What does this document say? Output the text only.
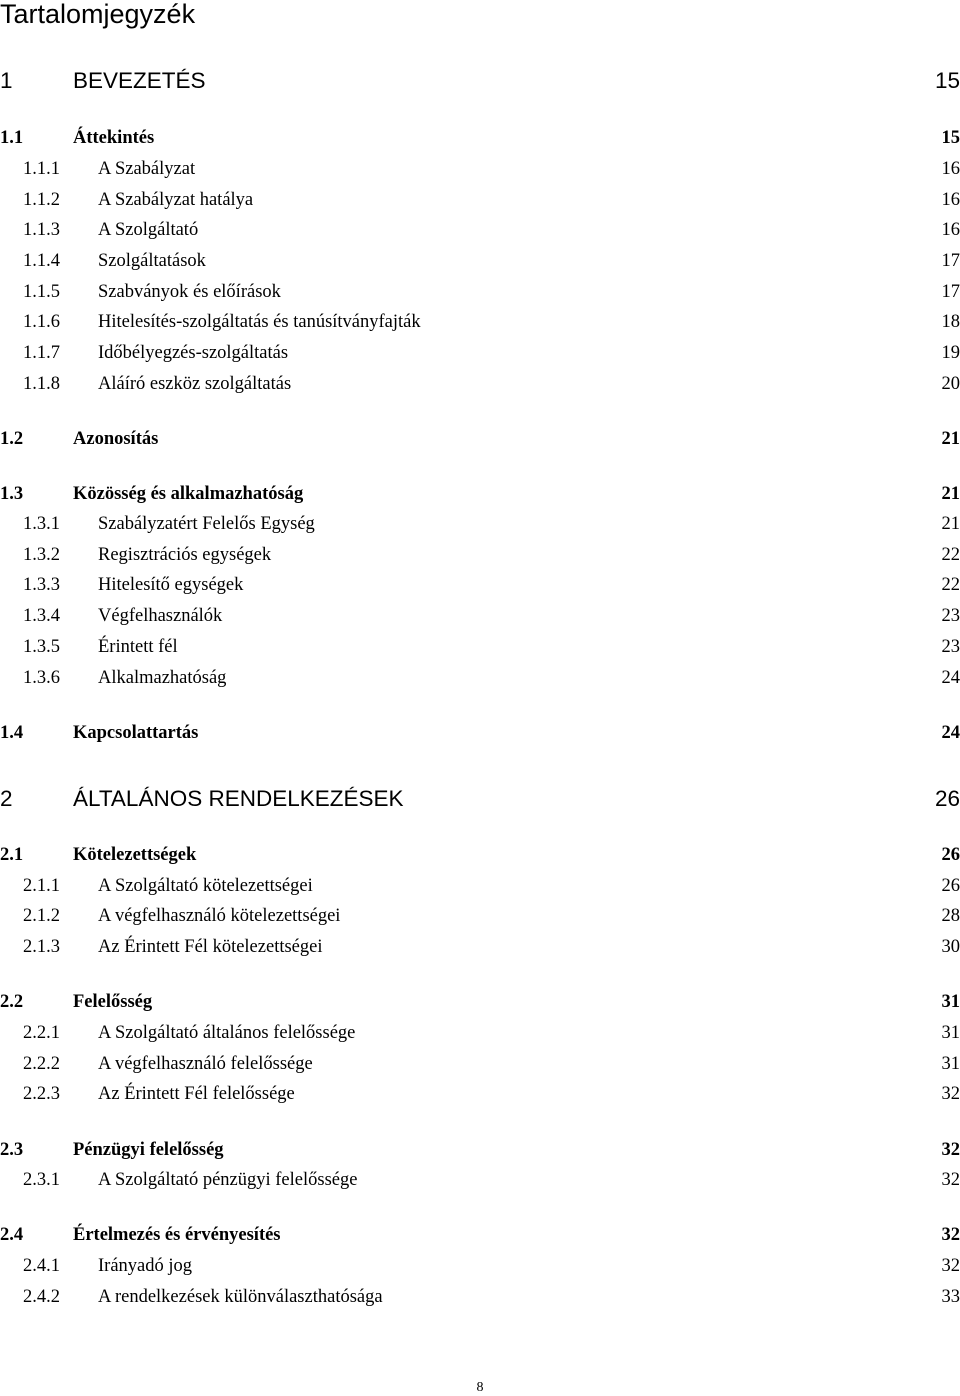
Tartalomjegyzék
1	BEVEZETÉS	15
1.1	Áttekintés	15
1.1.1 A Szabályzat	16
1.1.2 A Szabályzat hatálya	16
1.1.3 A Szolgáltató	16
1.1.4 Szolgáltatások	17
1.1.5 Szabványok és előírások	17
1.1.6 Hitelesítés-szolgáltatás és tanúsítványfajták	18
1.1.7 Időbélyegzés-szolgáltatás	19
1.1.8 Aláíró eszköz szolgáltatás	20
1.2	Azonosítás	21
1.3	Közösség és alkalmazhatóság	21
1.3.1 Szabályzatért Felelős Egység	21
1.3.2 Regisztrációs egységek	22
1.3.3 Hitelesítő egységek	22
1.3.4 Végfelhasználók	23
1.3.5 Érintett fél	23
1.3.6 Alkalmazhatóság	24
1.4	Kapcsolattartás	24
2	ÁLTALÁNOS RENDELKEZÉSEK	26
2.1	Kötelezettségek	26
2.1.1 A Szolgáltató kötelezettségei	26
2.1.2 A végfelhasználó kötelezettségei	28
2.1.3 Az Érintett Fél kötelezettségei	30
2.2	Felelősség	31
2.2.1 A Szolgáltató általános felelőssége	31
2.2.2 A végfelhasználó felelőssége	31
2.2.3 Az Érintett Fél felelőssége	32
2.3	Pénzügyi felelősség	32
2.3.1 A Szolgáltató pénzügyi felelőssége	32
2.4	Értelmezés és érvényesítés	32
2.4.1 Irányadó jog	32
2.4.2 A rendelkezések különválaszthatósága	33
8
